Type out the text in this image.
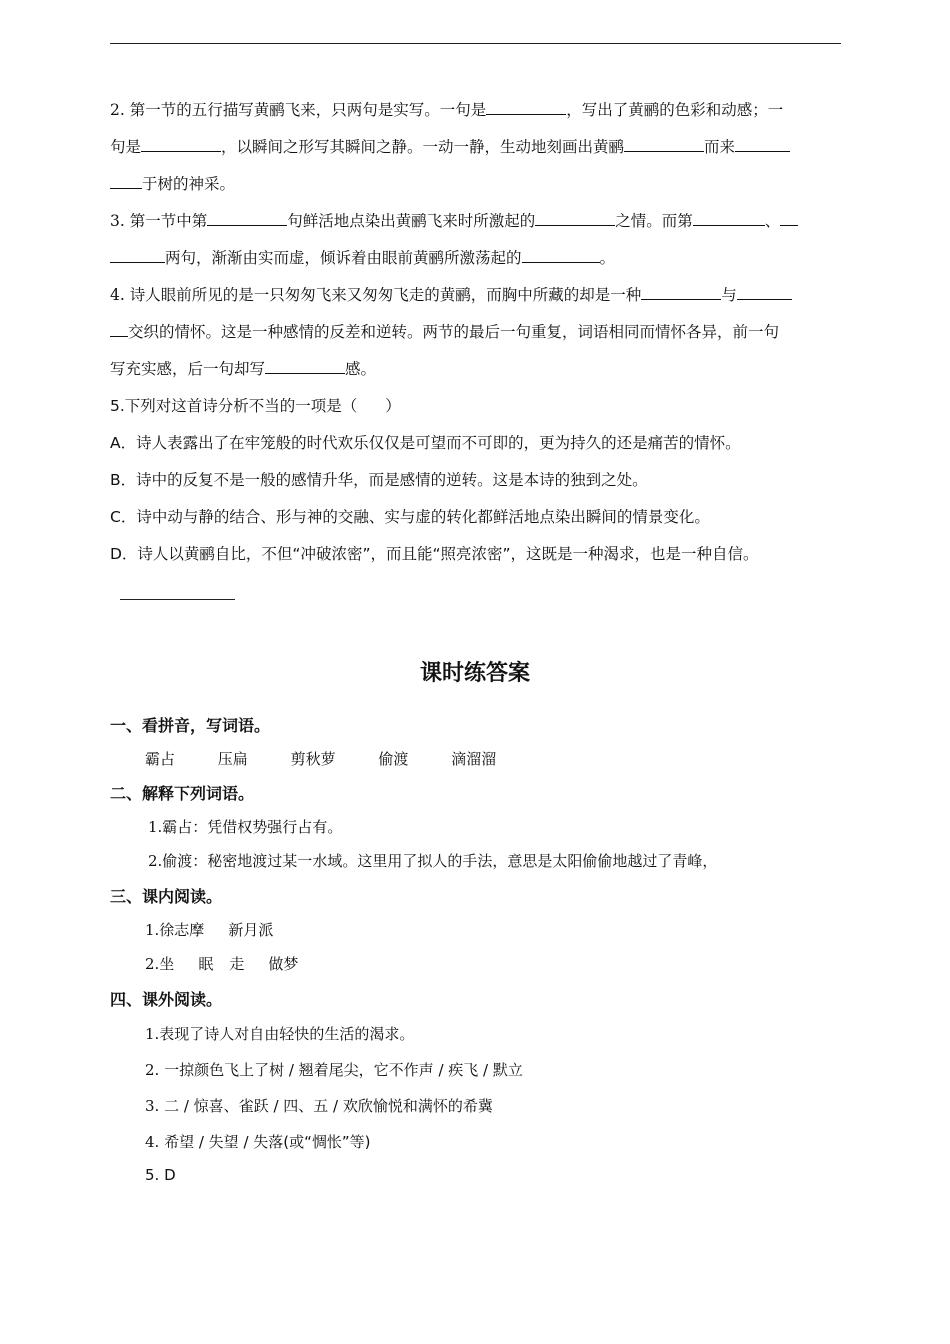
2. 第一节的五行描写黄鹂飞来，只两句是实写。一句是	，写出了黄鹂的色彩和动感；一

句是	，以瞬间之形写其瞬间之静。一动一静，生动地刻画出黄鹂	而来

于树的神采。

3. 第一节中第	句鲜活地点染出黄鹂飞来时所激起的	之情。而第	、

两句，渐渐由实而虚，倾诉着由眼前黄鹂所激荡起的	。

4. 诗人眼前所见的是一只匆匆飞来又匆匆飞走的黄鹂，而胸中所藏的却是一种	与

交织的情怀。这是一种感情的反差和逆转。两节的最后一句重复，词语相同而情怀各异，前一句

写充实感，后一句却写	感。

5.下列对这首诗分析不当的一项是（ ）

A．诗人表露出了在牢笼般的时代欢乐仅仅是可望而不可即的，更为持久的还是痛苦的情怀。

B．诗中的反复不是一般的感情升华，而是感情的逆转。这是本诗的独到之处。

C．诗中动与静的结合、形与神的交融、实与虚的转化都鲜活地点染出瞬间的情景变化。

D．诗人以黄鹂自比，不但“冲破浓密”，而且能“照亮浓密”，这既是一种渴求，也是一种自信。

课时练答案
一、看拼音，写词语。
霸占	压扁	剪秋萝	偷渡	滴溜溜
二、解释下列词语。
1.霸占：凭借权势强行占有。
2.偷渡：秘密地渡过某一水域。这里用了拟人的手法，意思是太阳偷偷地越过了青峰，
三、课内阅读。
1.徐志摩 新月派
2.坐 眠 走 做梦
四、课外阅读。
1.表现了诗人对自由轻快的生活的渴求。
2. 一掠颜色飞上了树 / 翘着尾尖，它不作声 / 疾飞 / 默立
3. 二 / 惊喜、雀跃 / 四、五 / 欢欣愉悦和满怀的希冀
4. 希望 / 失望 / 失落(或“惆怅”等)
5. D
